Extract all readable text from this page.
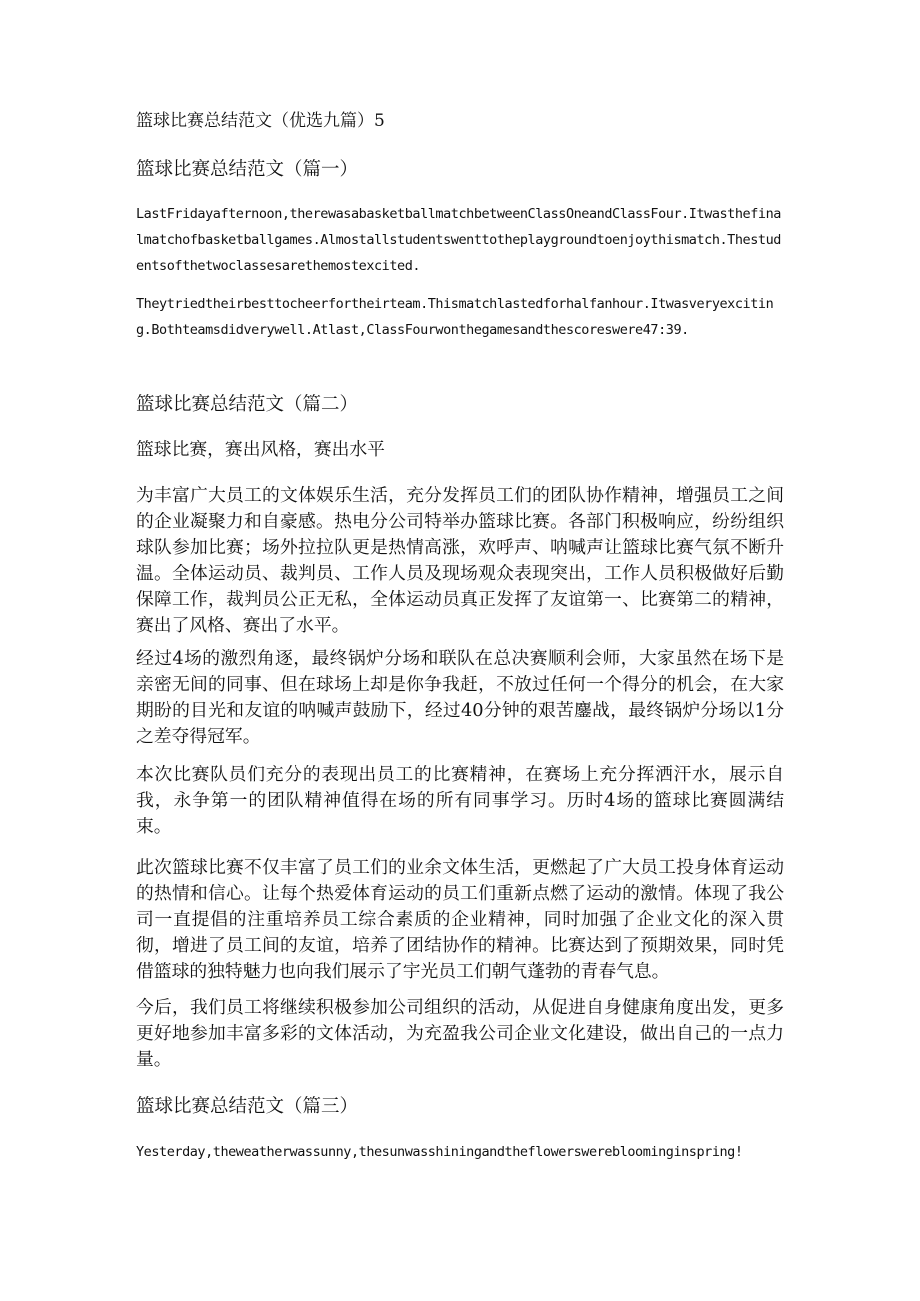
篮球比赛总结范文（优选九篇）5
篮球比赛总结范文（篇一）

LastFridayafternoon,therewasabasketballmatchbetweenClassOneandClassFour.Itwasthefinalmatchofbasketballgames.Almostallstudentswenttotheplaygroundtoenjoythismatch.Thestudentsofthetwoclassesarethemostexcited.

Theytriedtheirbesttocheerfortheirteam.Thismatchlastedforhalfanhour.Itwasveryexciting.Bothteamsdidverywell.Atlast,ClassFourwonthegamesandthescoreswere47:39.

篮球比赛总结范文（篇二）
篮球比赛，赛出风格，赛出水平

为丰富广大员工的文体娱乐生活，充分发挥员工们的团队协作精神，增强员工之间的企业凝聚力和自豪感。热电分公司特举办篮球比赛。各部门积极响应，纷纷组织球队参加比赛；场外拉拉队更是热情高涨，欢呼声、呐喊声让篮球比赛气氛不断升温。全体运动员、裁判员、工作人员及现场观众表现突出，工作人员积极做好后勤保障工作，裁判员公正无私，全体运动员真正发挥了友谊第一、比赛第二的精神，赛出了风格、赛出了水平。

经过4场的激烈角逐，最终锅炉分场和联队在总决赛顺利会师，大家虽然在场下是亲密无间的同事、但在球场上却是你争我赶，不放过任何一个得分的机会，在大家期盼的目光和友谊的呐喊声鼓励下，经过40分钟的艰苦鏖战，最终锅炉分场以1分之差夺得冠军。

本次比赛队员们充分的表现出员工的比赛精神，在赛场上充分挥洒汗水，展示自我，永争第一的团队精神值得在场的所有同事学习。历时4场的篮球比赛圆满结束。

此次篮球比赛不仅丰富了员工们的业余文体生活，更燃起了广大员工投身体育运动的热情和信心。让每个热爱体育运动的员工们重新点燃了运动的激情。体现了我公司一直提倡的注重培养员工综合素质的企业精神，同时加强了企业文化的深入贯彻，增进了员工间的友谊，培养了团结协作的精神。比赛达到了预期效果，同时凭借篮球的独特魅力也向我们展示了宇光员工们朝气蓬勃的青春气息。

今后，我们员工将继续积极参加公司组织的活动，从促进自身健康角度出发，更多更好地参加丰富多彩的文体活动，为充盈我公司企业文化建设，做出自己的一点力量。

篮球比赛总结范文（篇三）

Yesterday,theweatherwassunny,thesunwasshiningandtheflowerswerebloominginspring!
